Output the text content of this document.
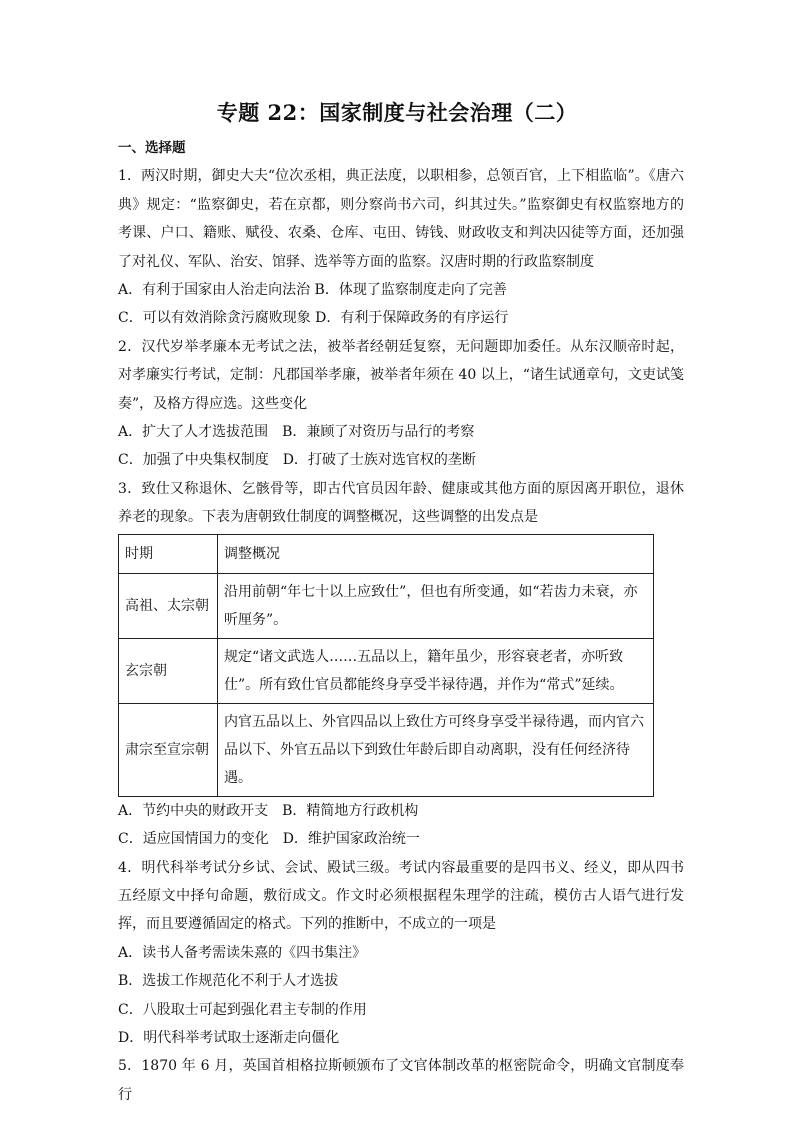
专题 22：国家制度与社会治理（二）
一、选择题

1．两汉时期，御史大夫“位次丞相，典正法度，以职相参，总领百官，上下相监临”。《唐六典》规定：“监察御史，若在京都，则分察尚书六司，纠其过失。”监察御史有权监察地方的考课、户口、籍账、赋役、农桑、仓库、屯田、铸钱、财政收支和判决囚徒等方面，还加强了对礼仪、军队、治安、馆驿、选举等方面的监察。汉唐时期的行政监察制度

A．有利于国家由人治走向法治 B．体现了监察制度走向了完善
C．可以有效消除贪污腐败现象 D．有利于保障政务的有序运行

2．汉代岁举孝廉本无考试之法，被举者经朝廷复察，无问题即加委任。从东汉顺帝时起，对孝廉实行考试，定制：凡郡国举孝廉，被举者年须在 40 以上，“诸生试通章句，文吏试笺奏”，及格方得应选。这些变化

A．扩大了人才选拔范围　B．兼顾了对资历与品行的考察
C．加强了中央集权制度　D．打破了士族对选官权的垄断

3．致仕又称退休、乞骸骨等，即古代官员因年龄、健康或其他方面的原因离开职位，退休养老的现象。下表为唐朝致仕制度的调整概况，这些调整的出发点是

时期	调整概况
高祖、太宗朝	沿用前朝“年七十以上应致仕”，但也有所变通，如“若齿力未衰，亦听厘务”。
玄宗朝	规定“诸文武选人……五品以上，籍年虽少，形容衰老者，亦听致仕”。所有致仕官员都能终身享受半禄待遇，并作为“常式”延续。
肃宗至宣宗朝	内官五品以上、外官四品以上致仕方可终身享受半禄待遇，而内官六品以下、外官五品以下到致仕年龄后即自动离职，没有任何经济待遇。
A．节约中央的财政开支　B．精简地方行政机构
C．适应国情国力的变化　D．维护国家政治统一

4．明代科举考试分乡试、会试、殿试三级。考试内容最重要的是四书义、经义，即从四书五经原文中择句命题，敷衍成文。作文时必须根据程朱理学的注疏，模仿古人语气进行发挥，而且要遵循固定的格式。下列的推断中，不成立的一项是

A．读书人备考需读朱熹的《四书集注》
B．选拔工作规范化不利于人才选拔
C．八股取士可起到强化君主专制的作用
D．明代科举考试取士逐渐走向僵化

5．1870 年 6 月，英国首相格拉斯顿颁布了文官体制改革的枢密院命令，明确文官制度奉行
